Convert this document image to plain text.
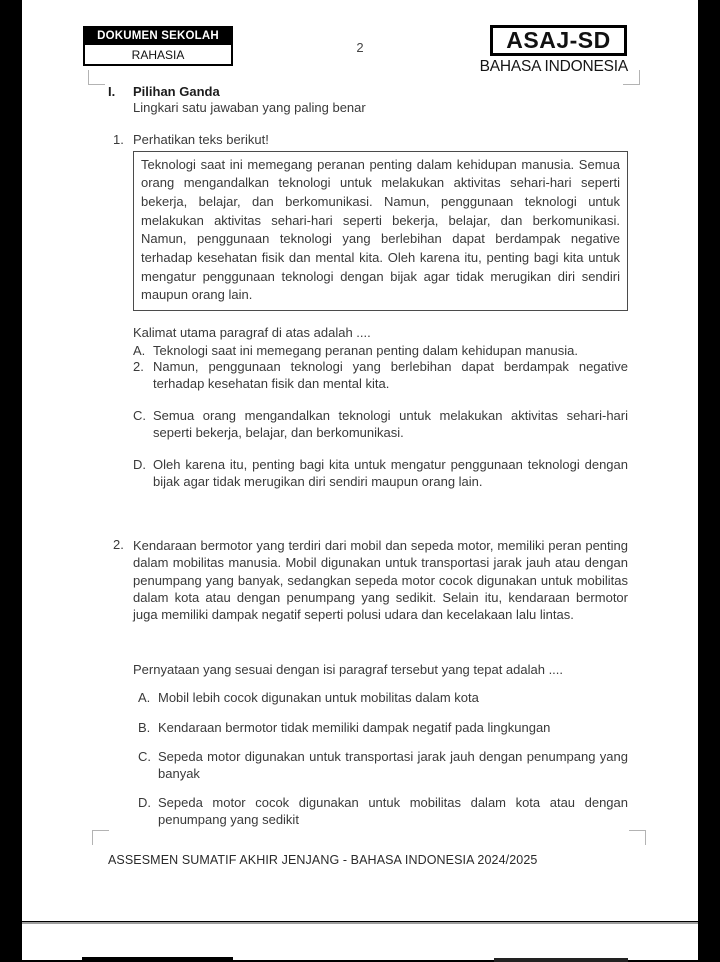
DOKUMEN SEKOLAH
RAHASIA	2	ASAJ-SD
BAHASA INDONESIA
I.	Pilihan Ganda
Lingkari satu jawaban yang paling benar
1. Perhatikan teks berikut!
Teknologi saat ini memegang peranan penting dalam kehidupan manusia. Semua orang mengandalkan teknologi untuk melakukan aktivitas sehari-hari seperti bekerja, belajar, dan berkomunikasi. Namun, penggunaan teknologi untuk melakukan aktivitas sehari-hari seperti bekerja, belajar, dan berkomunikasi. Namun, penggunaan teknologi yang berlebihan dapat berdampak negative terhadap kesehatan fisik dan mental kita. Oleh karena itu, penting bagi kita untuk mengatur penggunaan teknologi dengan bijak agar tidak merugikan diri sendiri maupun orang lain.
Kalimat utama paragraf di atas adalah ....
A. Teknologi saat ini memegang peranan penting dalam kehidupan manusia.
2. Namun, penggunaan teknologi yang berlebihan dapat berdampak negative terhadap kesehatan fisik dan mental kita.
C. Semua orang mengandalkan teknologi untuk melakukan aktivitas sehari-hari seperti bekerja, belajar, dan berkomunikasi.
D. Oleh karena itu, penting bagi kita untuk mengatur penggunaan teknologi dengan bijak agar tidak merugikan diri sendiri maupun orang lain.
2. Kendaraan bermotor yang terdiri dari mobil dan sepeda motor, memiliki peran penting dalam mobilitas manusia. Mobil digunakan untuk transportasi jarak jauh atau dengan penumpang yang banyak, sedangkan sepeda motor cocok digunakan untuk mobilitas dalam kota atau dengan penumpang yang sedikit. Selain itu, kendaraan bermotor juga memiliki dampak negatif seperti polusi udara dan kecelakaan lalu lintas.
Pernyataan yang sesuai dengan isi paragraf tersebut yang tepat adalah ....
A. Mobil lebih cocok digunakan untuk mobilitas dalam kota
B. Kendaraan bermotor tidak memiliki dampak negatif pada lingkungan
C. Sepeda motor digunakan untuk transportasi jarak jauh dengan penumpang yang banyak
D. Sepeda motor cocok digunakan untuk mobilitas dalam kota atau dengan penumpang yang sedikit
ASSESMEN SUMATIF AKHIR JENJANG - BAHASA INDONESIA 2024/2025
